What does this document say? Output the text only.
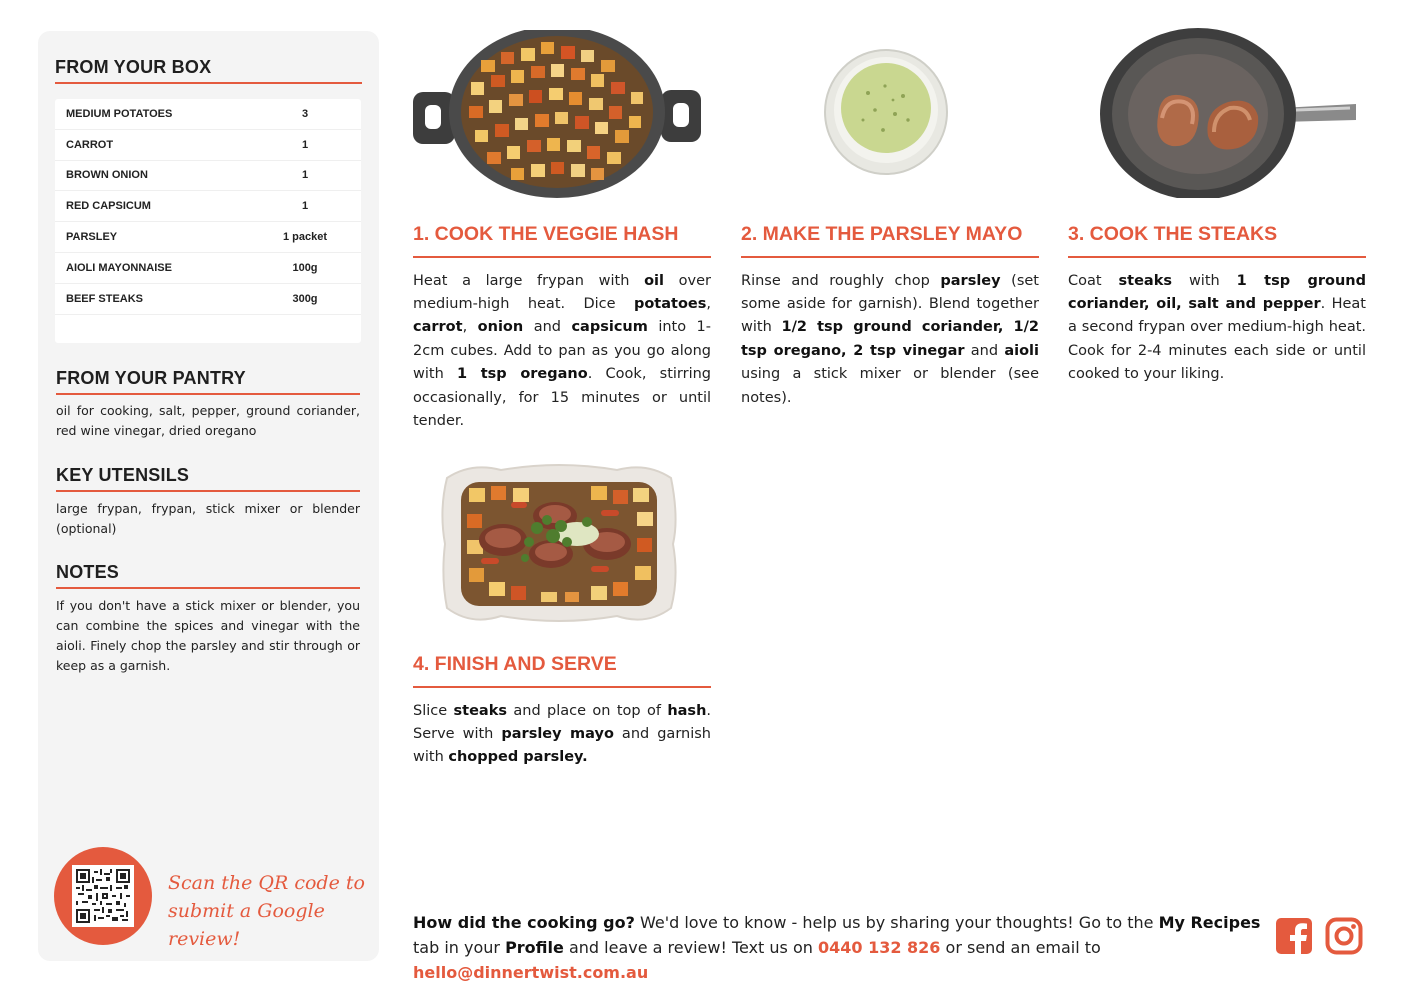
FROM YOUR BOX
MEDIUM POTATOES	3
CARROT	1
BROWN ONION	1
RED CAPSICUM	1
PARSLEY	1 packet
AIOLI MAYONNAISE	100g
BEEF STEAKS	300g
FROM YOUR PANTRY
oil for cooking, salt, pepper, ground coriander, red wine vinegar, dried oregano
KEY UTENSILS
large frypan, frypan, stick mixer or blender (optional)
NOTES
If you don't have a stick mixer or blender, you can combine the spices and vinegar with the aioli. Finely chop the parsley and stir through or keep as a garnish.
Scan the QR code to
submit a Google review!
1. COOK THE VEGGIE HASH
Heat a large frypan with oil over medium-high heat. Dice potatoes, carrot, onion and capsicum into 1-2cm cubes. Add to pan as you go along with 1 tsp oregano. Cook, stirring occasionally, for 15 minutes or until tender.
2. MAKE THE PARSLEY MAYO
Rinse and roughly chop parsley (set some aside for garnish). Blend together with 1/2 tsp ground coriander, 1/2 tsp oregano, 2 tsp vinegar and aioli using a stick mixer or blender (see notes).
3. COOK THE STEAKS
Coat steaks with 1 tsp ground coriander, oil, salt and pepper. Heat a second frypan over medium-high heat. Cook for 2-4 minutes each side or until cooked to your liking.
4. FINISH AND SERVE
Slice steaks and place on top of hash. Serve with parsley mayo and garnish with chopped parsley.
How did the cooking go? We'd love to know - help us by sharing your thoughts! Go to the My Recipes tab in your Profile and leave a review! Text us on 0440 132 826 or send an email to hello@dinnertwist.com.au
